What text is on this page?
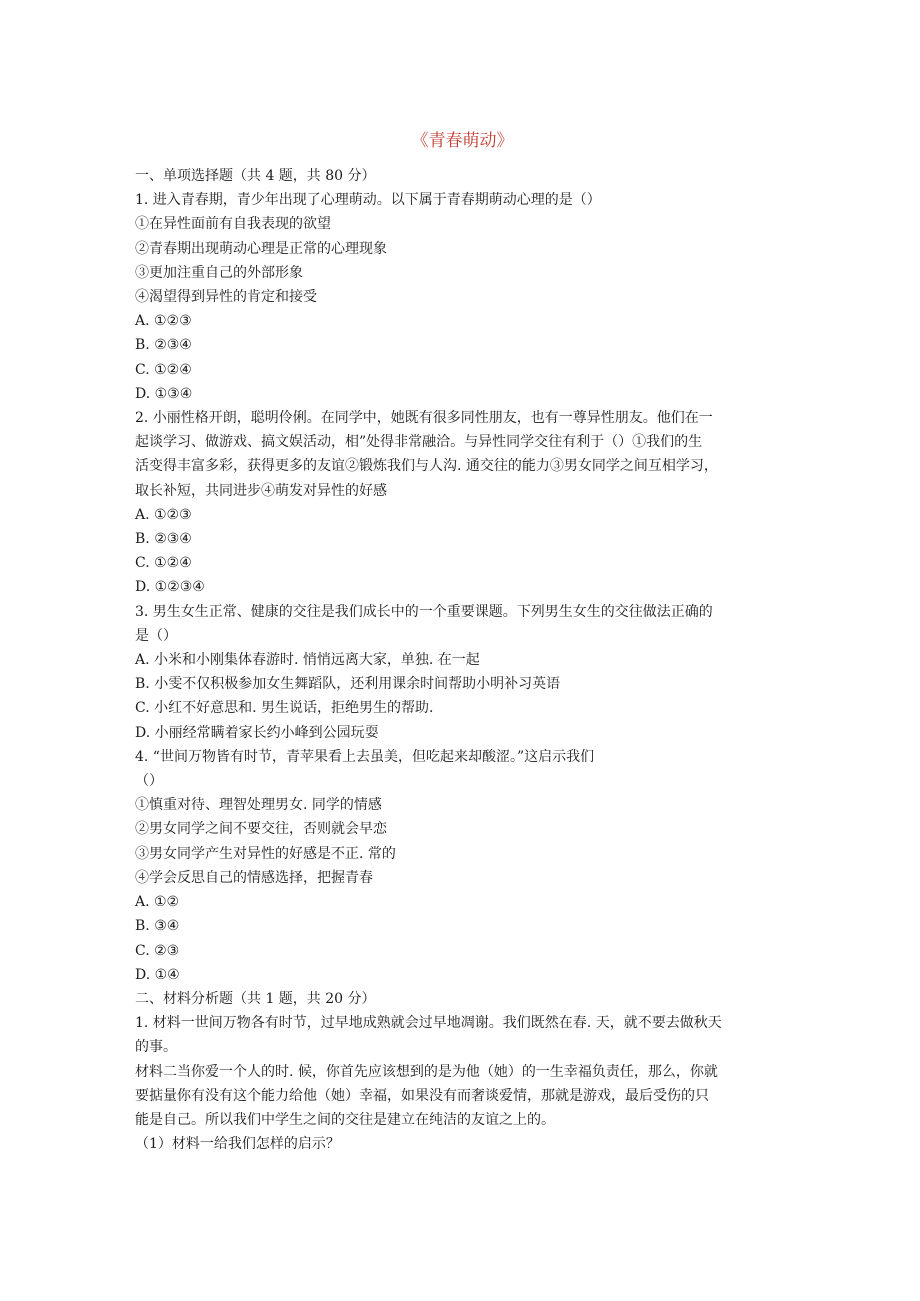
《青春萌动》
一、单项选择题（共 4 题，共 80 分）
1. 进入青春期，青少年出现了心理萌动。以下属于青春期萌动心理的是（）
①在异性面前有自我表现的欲望
②青春期出现萌动心理是正常的心理现象
③更加注重自己的外部形象
④渴望得到异性的肯定和接受
A. ①②③
B. ②③④
C. ①②④
D. ①③④
2. 小丽性格开朗，聪明伶俐。在同学中，她既有很多同性朋友，也有一尊异性朋友。他们在一
起谈学习、做游戏、搞文娱活动，相”处得非常融洽。与异性同学交往有利于（）①我们的生
活变得丰富多彩，获得更多的友谊②锻炼我们与人沟. 通交往的能力③男女同学之间互相学习，
取长补短，共同进步④萌发对异性的好感
A. ①②③
B. ②③④
C. ①②④
D. ①②③④
3. 男生女生正常、健康的交往是我们成长中的一个重要课题。下列男生女生的交往做法正确的
是（）
A. 小米和小刚集体春游时. 悄悄远离大家，单独. 在一起
B. 小雯不仅积极参加女生舞蹈队，还利用课余时间帮助小明补习英语
C. 小红不好意思和. 男生说话，拒绝男生的帮助.
D. 小丽经常瞒着家长约小峰到公园玩耍
4. “世间万物皆有时节，青苹果看上去虽美，但吃起来却酸涩。”这启示我们
（）
①慎重对待、理智处理男女. 同学的情感
②男女同学之间不要交往，否则就会早恋
③男女同学产生对异性的好感是不正. 常的
④学会反思自己的情感选择，把握青春
A. ①②
B. ③④
C. ②③
D. ①④
二、材料分析题（共 1 题，共 20 分）
1. 材料一世间万物各有时节，过早地成熟就会过早地凋谢。我们既然在春. 天，就不要去做秋天
的事。
材料二当你爱一个人的时. 候，你首先应该想到的是为他（她）的一生幸福负责任，那么，你就
要掂量你有没有这个能力给他（她）幸福，如果没有而奢谈爱情，那就是游戏，最后受伤的只
能是自己。所以我们中学生之间的交往是建立在纯洁的友谊之上的。
（1）材料一给我们怎样的启示？
